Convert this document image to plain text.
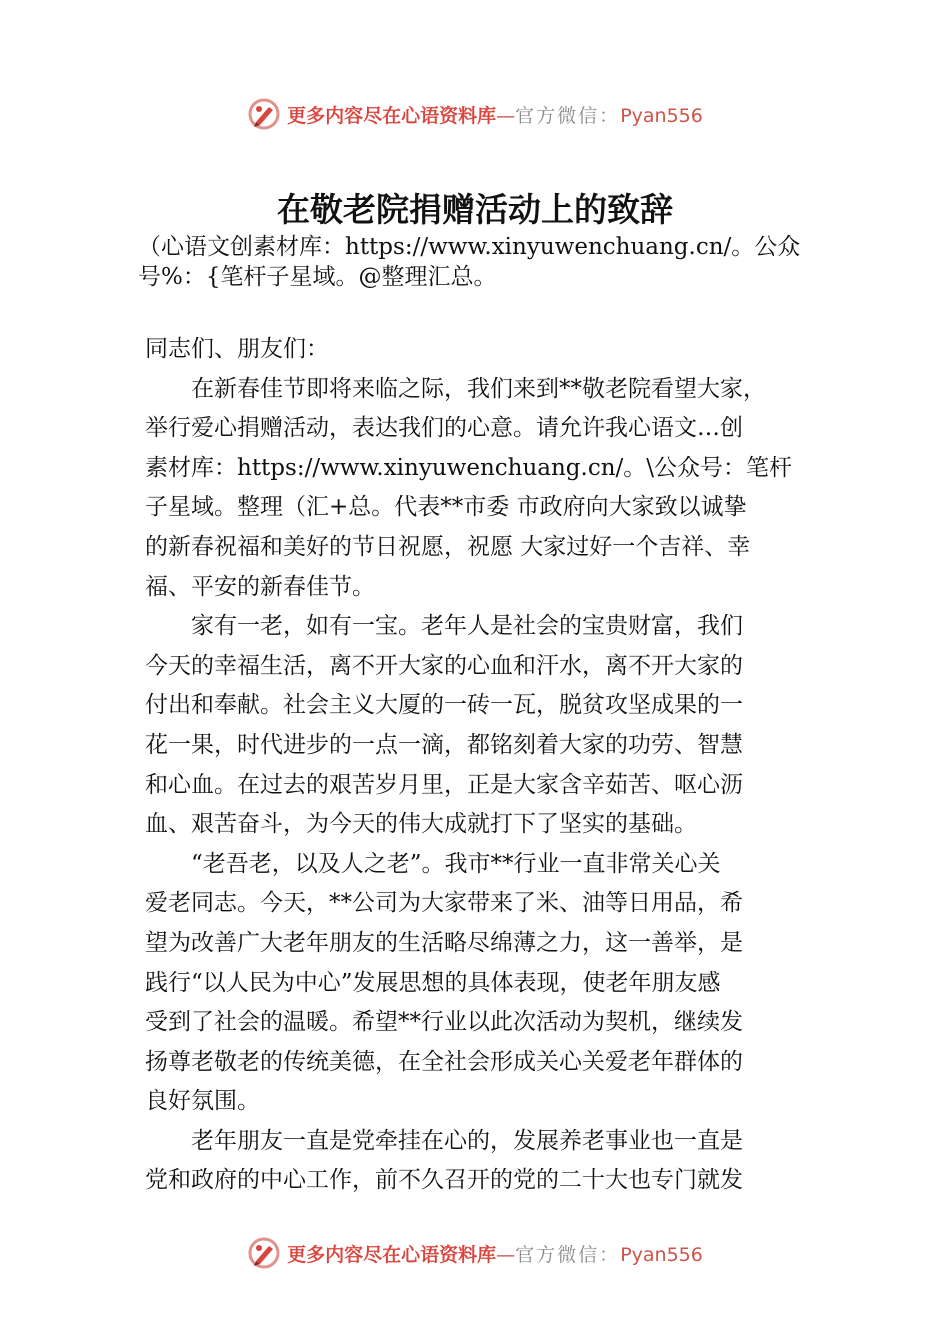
更多内容尽在心语资料库—官方微信：Pyan556
在敬老院捐赠活动上的致辞
（心语文创素材库：https://www.xinyuwenchuang.cn/。公众
号%：{笔杆子星域。@整理汇总。
同志们、朋友们：
　　在新春佳节即将来临之际，我们来到**敬老院看望大家，
举行爱心捐赠活动，表达我们的心意。请允许我心语文…创
素材库：https://www.xinyuwenchuang.cn/。\公众号：笔杆
子星域。整理（汇+总。代表**市委 市政府向大家致以诚挚
的新春祝福和美好的节日祝愿，祝愿 大家过好一个吉祥、幸
福、平安的新春佳节。
　　家有一老，如有一宝。老年人是社会的宝贵财富，我们
今天的幸福生活，离不开大家的心血和汗水，离不开大家的
付出和奉献。社会主义大厦的一砖一瓦，脱贫攻坚成果的一
花一果，时代进步的一点一滴，都铭刻着大家的功劳、智慧
和心血。在过去的艰苦岁月里，正是大家含辛茹苦、呕心沥
血、艰苦奋斗，为今天的伟大成就打下了坚实的基础。
　　“老吾老，以及人之老”。我市**行业一直非常关心关
爱老同志。今天，**公司为大家带来了米、油等日用品，希
望为改善广大老年朋友的生活略尽绵薄之力，这一善举，是
践行“以人民为中心”发展思想的具体表现，使老年朋友感
受到了社会的温暖。希望**行业以此次活动为契机，继续发
扬尊老敬老的传统美德，在全社会形成关心关爱老年群体的
良好氛围。
　　老年朋友一直是党牵挂在心的，发展养老事业也一直是
党和政府的中心工作，前不久召开的党的二十大也专门就发
更多内容尽在心语资料库—官方微信：Pyan556
